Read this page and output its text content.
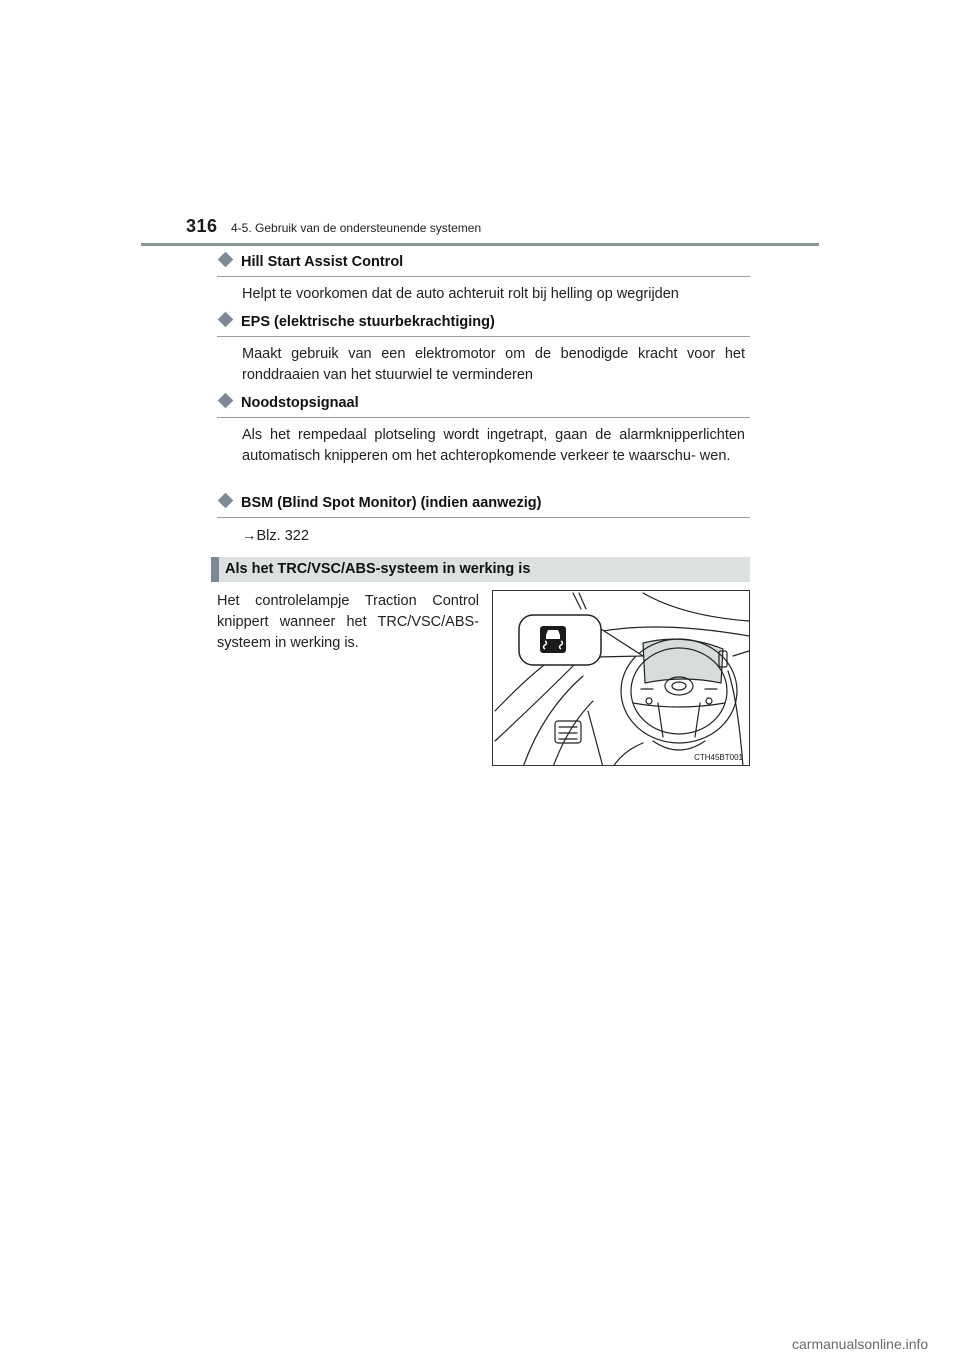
316 4-5. Gebruik van de ondersteunende systemen
Hill Start Assist Control
Helpt te voorkomen dat de auto achteruit rolt bij helling op wegrijden
EPS (elektrische stuurbekrachtiging)
Maakt gebruik van een elektromotor om de benodigde kracht voor het ronddraaien van het stuurwiel te verminderen
Noodstopsignaal
Als het rempedaal plotseling wordt ingetrapt, gaan de alarmknipperlichten automatisch knipperen om het achteropkomende verkeer te waarschu- wen.
BSM (Blind Spot Monitor) (indien aanwezig)
→Blz. 322
Als het TRC/VSC/ABS-systeem in werking is
Het controlelampje Traction Control knippert wanneer het TRC/VSC/ABS- systeem in werking is.
CTH45BT001
carmanualsonline.info
